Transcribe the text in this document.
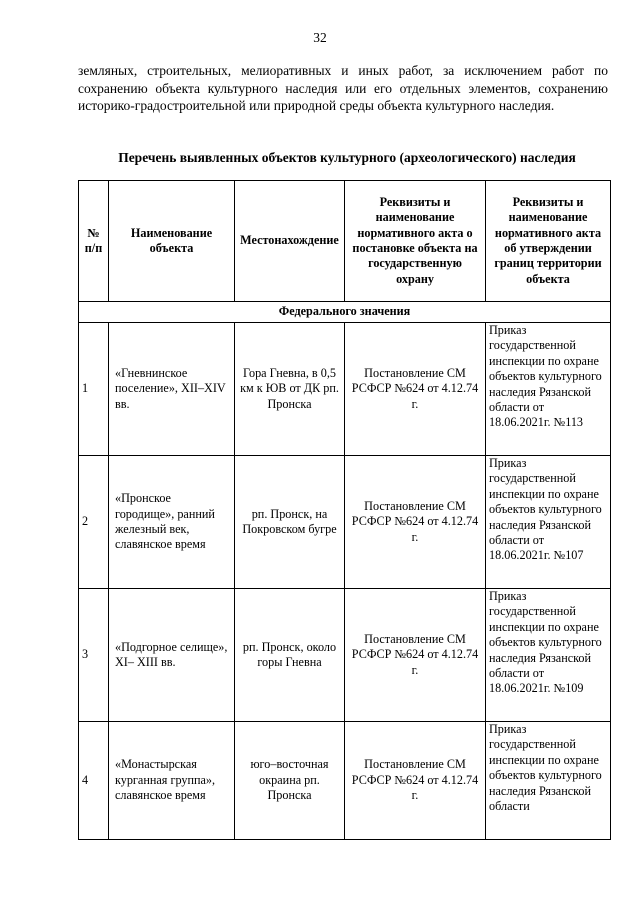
32

земляных, строительных, мелиоративных и иных работ, за исключением работ по сохранению объекта культурного наследия или его отдельных элементов, сохранению историко-градостроительной или природной среды объекта культурного наследия.

Перечень выявленных объектов культурного (археологического) наследия
№ п/п	Наименование объекта	Местонахождение	Реквизиты и наименование нормативного акта о постановке объекта на государственную охрану	Реквизиты и наименование нормативного акта об утверждении границ территории объекта
Федерального значения				
1	«Гневнинское поселение», XII–XIV вв.	Гора Гневна, в 0,5 км к ЮВ от ДК рп. Пронска	Постановление СМ РСФСР №624 от 4.12.74 г.	Приказ государственной инспекции по охране объектов культурного наследия Рязанской области от 18.06.2021г. №113
2	«Пронское городище», ранний железный век, славянское время	рп. Пронск, на Покровском бугре	Постановление СМ РСФСР №624 от 4.12.74 г.	Приказ государственной инспекции по охране объектов культурного наследия Рязанской области от 18.06.2021г. №107
3	«Подгорное селище», XI– XIII вв.	рп. Пронск, около горы Гневна	Постановление СМ РСФСР №624 от 4.12.74 г.	Приказ государственной инспекции по охране объектов культурного наследия Рязанской области от 18.06.2021г. №109
4	«Монастырская курганная группа», славянское время	юго–восточная окраина рп. Пронска	Постановление СМ РСФСР №624 от 4.12.74 г.	Приказ государственной инспекции по охране объектов культурного наследия Рязанской области
